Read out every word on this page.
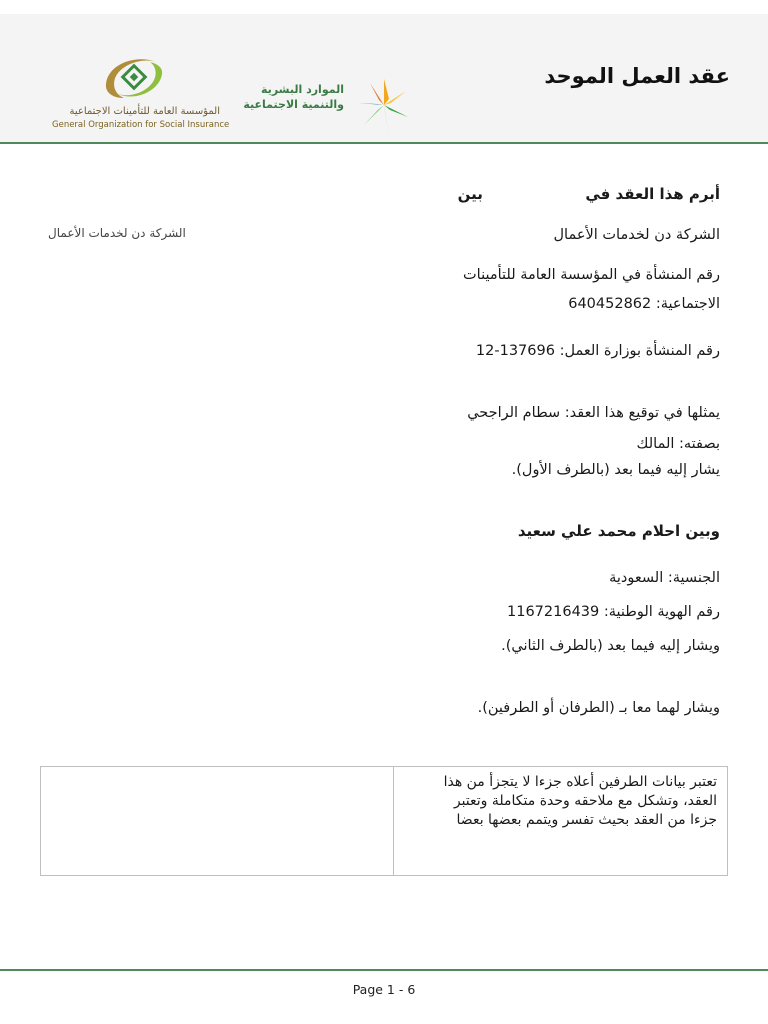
عقد العمل الموحد
الموارد البشرية
والتنمية الاجتماعية
المؤسسة العامة للتأمينات الاجتماعية
General Organization for Social Insurance

أبرم هذا العقد في  بين

الشركة دن لخدمات الأعمال

الشركة دن لخدمات الأعمال

رقم المنشأة في المؤسسة العامة للتأمينات

الاجتماعية: 640452862

رقم المنشأة بوزارة العمل: 12-137696

يمثلها في توقيع هذا العقد: سطام الراجحي

بصفته: المالك

يشار إليه فيما بعد (بالطرف الأول).

وبين احلام محمد علي سعيد

الجنسية: السعودية

رقم الهوية الوطنية: 1167216439

ويشار إليه فيما بعد (بالطرف الثاني).

ويشار لهما معا بـ (الطرفان أو الطرفين).

تعتبر بيانات الطرفين أعلاه جزءا لا يتجزأ من هذا
العقد، وتشكل مع ملاحقه وحدة متكاملة وتعتبر
جزءا من العقد بحيث تفسر ويتمم بعضها بعضا
Page 1 - 6
